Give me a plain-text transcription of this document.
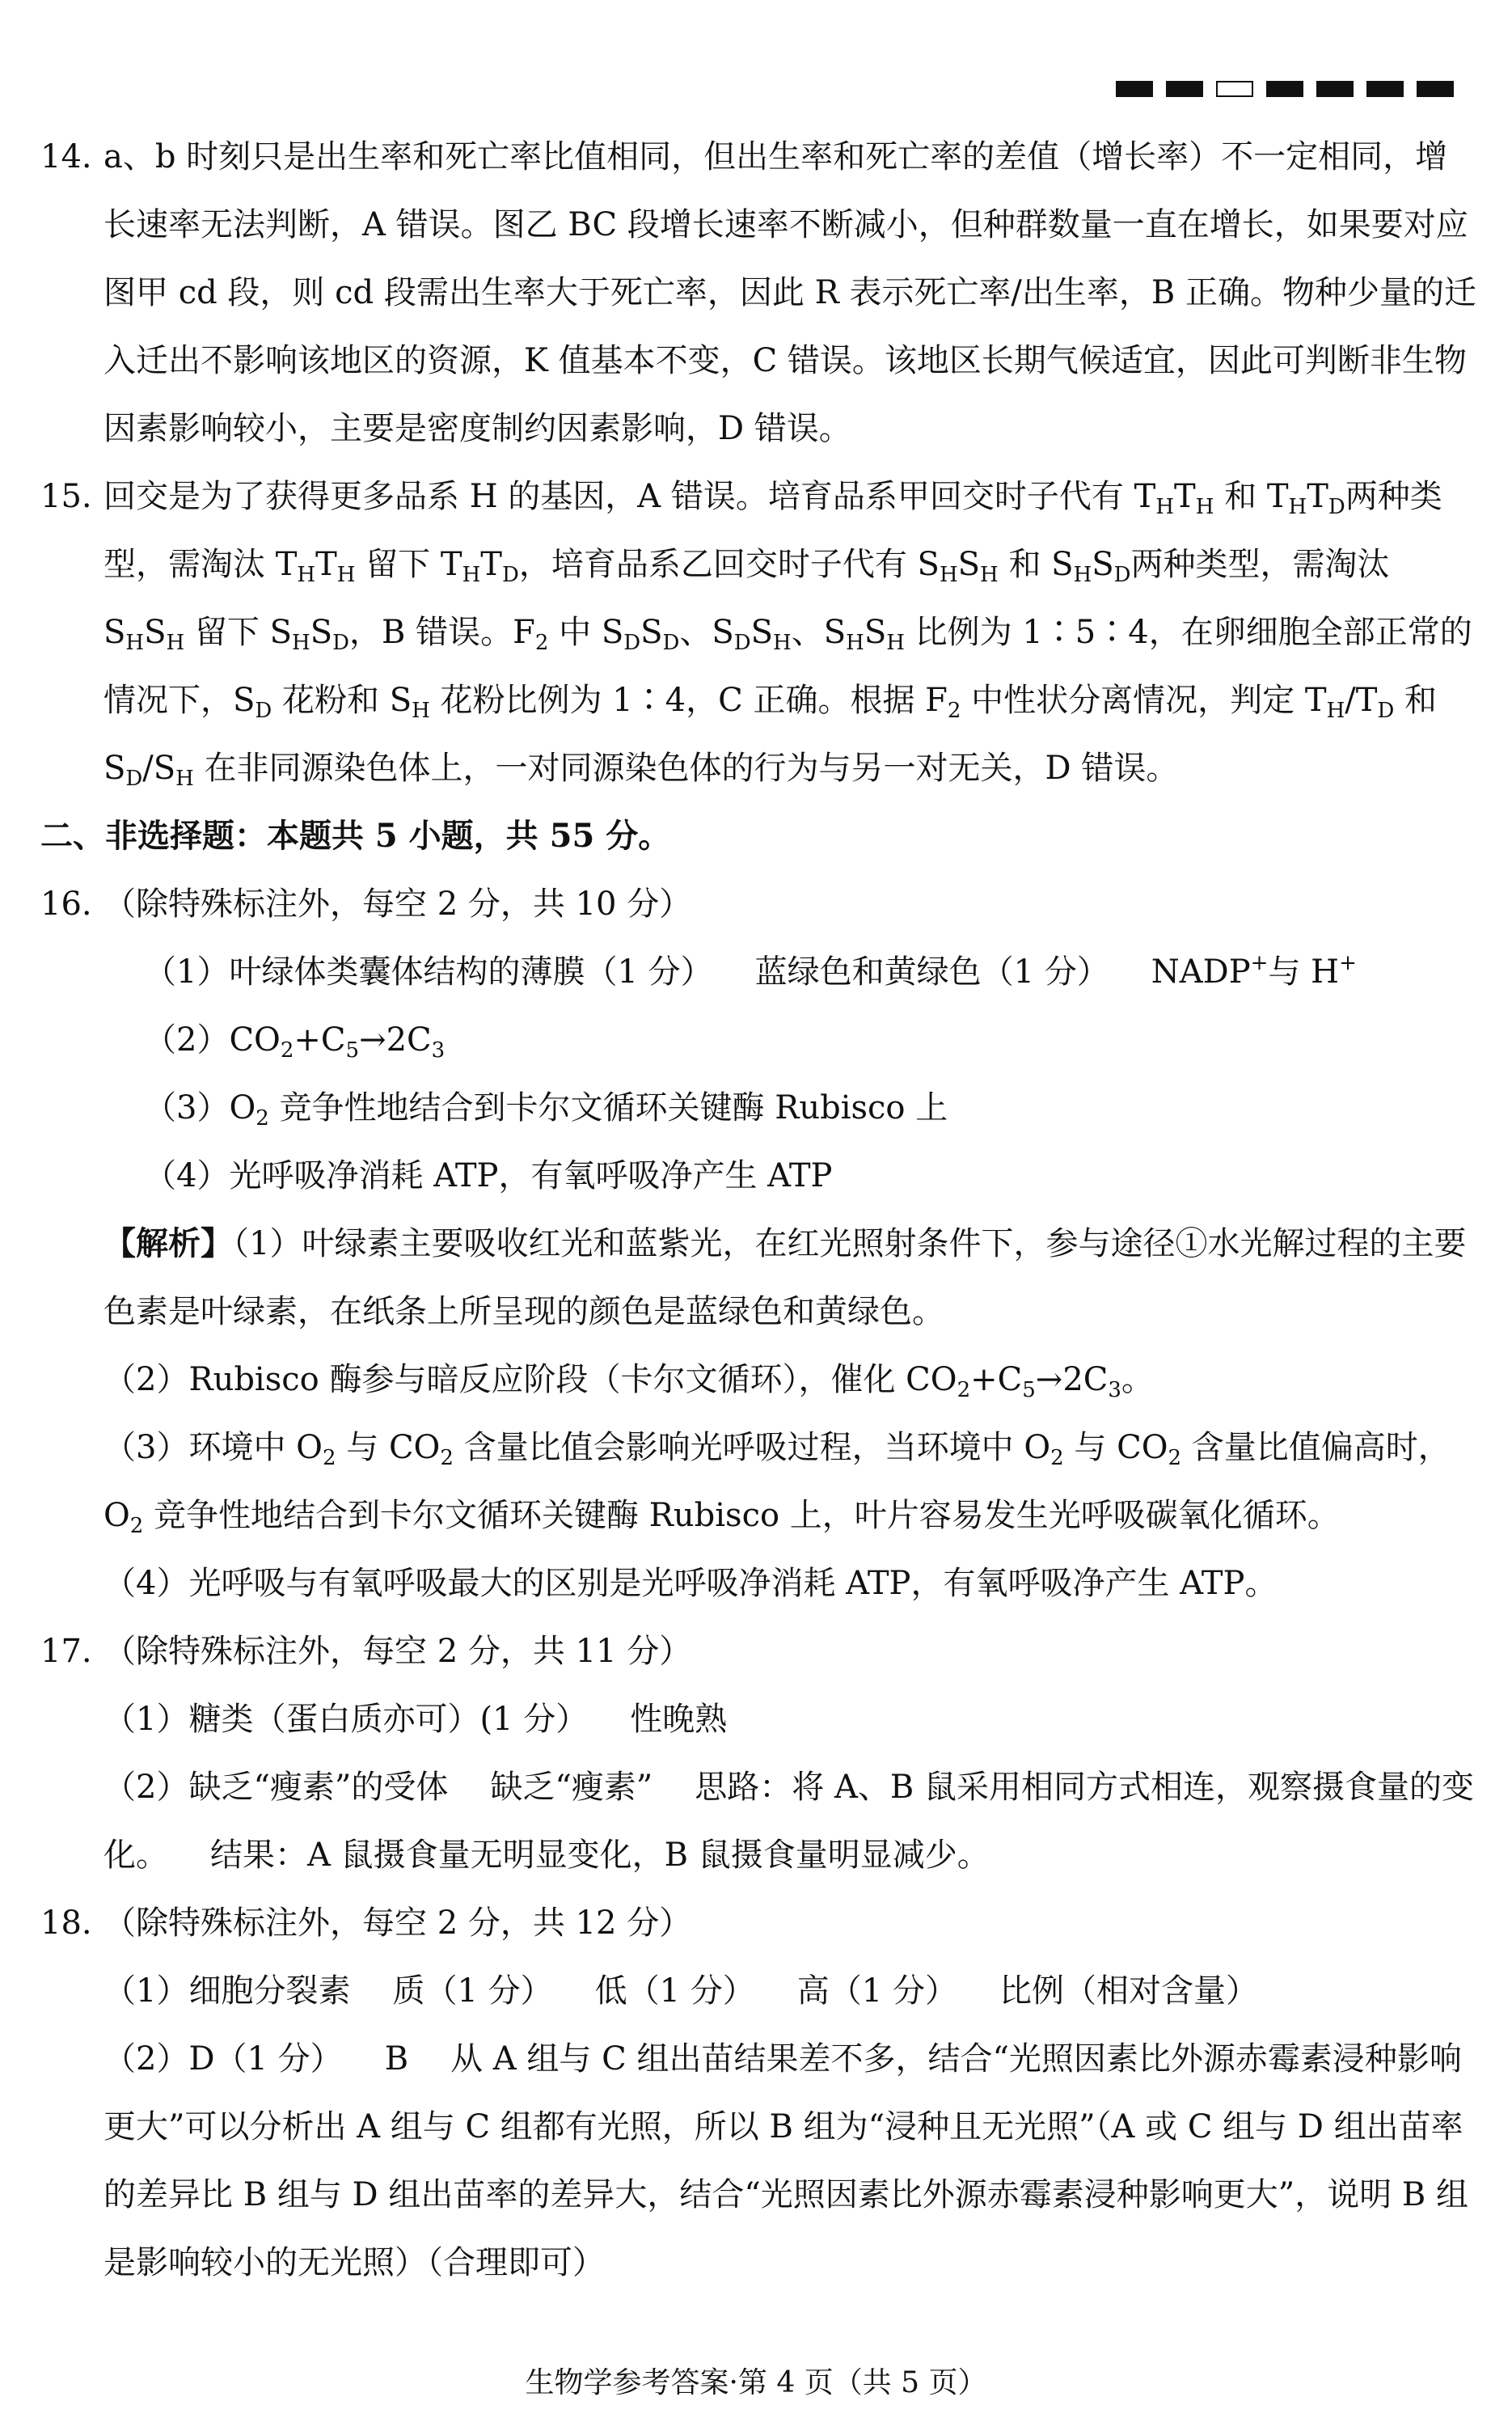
14. a、b 时刻只是出生率和死亡率比值相同，但出生率和死亡率的差值（增长率）不一定相同，增长速率无法判断，A 错误。图乙 BC 段增长速率不断减小，但种群数量一直在增长，如果要对应图甲 cd 段，则 cd 段需出生率大于死亡率，因此 R 表示死亡率/出生率，B 正确。物种少量的迁入迁出不影响该地区的资源，K 值基本不变，C 错误。该地区长期气候适宜，因此可判断非生物因素影响较小，主要是密度制约因素影响，D 错误。
15. 回交是为了获得更多品系 H 的基因，A 错误。培育品系甲回交时子代有 $T_HT_H$ 和 $T_HT_D$两种类型，需淘汰 $T_HT_H$ 留下 $T_HT_D$，培育品系乙回交时子代有 $S_HS_H$ 和 $S_HS_D$两种类型，需淘汰 $S_HS_H$ 留下 $S_HS_D$，B 错误。$F_2$ 中 $S_DS_D$、$S_DS_H$、$S_HS_H$ 比例为 1∶5∶4，在卵细胞全部正常的情况下，$S_D$ 花粉和 $S_H$ 花粉比例为 1∶4，C 正确。根据 $F_2$ 中性状分离情况，判定 $T_H/T_D$ 和 $S_D/S_H$ 在非同源染色体上，一对同源染色体的行为与另一对无关，D 错误。
二、非选择题：本题共 5 小题，共 55 分。
16. （除特殊标注外，每空 2 分，共 10 分）
（1）叶绿体类囊体结构的薄膜（1 分） 蓝绿色和黄绿色（1 分） NADP+与 H+
$(2)CO_2+C_5\to 2C_3$
$(3)O_2$ 竞争性地结合到卡尔文循环关键酶 Rubisco 上
（4）光呼吸净消耗 ATP，有氧呼吸净产生 ATP
【解析】（1）叶绿素主要吸收红光和蓝紫光，在红光照射条件下，参与途径①水光解过程的主要色素是叶绿素，在纸条上所呈现的颜色是蓝绿色和黄绿色。
（2）Rubisco 酶参与暗反应阶段（卡尔文循环），催化 $CO_2+C_5\to 2C_3$。
（3）环境中 $O_2$ 与 $CO_2$ 含量比值会影响光呼吸过程，当环境中 $O_2$ 与 $CO_2$ 含量比值偏高时，$O_2$ 竞争性地结合到卡尔文循环关键酶 Rubisco 上，叶片容易发生光呼吸碳氧化循环。
（4）光呼吸与有氧呼吸最大的区别是光呼吸净消耗 ATP，有氧呼吸净产生 ATP。
17. （除特殊标注外，每空 2 分，共 11 分）
（1）糖类（蛋白质亦可）(1 分） 性晚熟
（2）缺乏“瘦素”的受体 缺乏“瘦素” 思路：将 A、B 鼠采用相同方式相连，观察摄食量的变化。 结果：A 鼠摄食量无明显变化，B 鼠摄食量明显减少。
18. （除特殊标注外，每空 2 分，共 12 分）
（1）细胞分裂素 质（1 分） 低（1 分） 高（1 分） 比例（相对含量）
（2）D（1 分） B 从 A 组与 C 组出苗结果差不多，结合“光照因素比外源赤霉素浸种影响更大”可以分析出 A 组与 C 组都有光照，所以 B 组为“浸种且无光照”（A 或 C 组与 D 组出苗率的差异比 B 组与 D 组出苗率的差异大，结合“光照因素比外源赤霉素浸种影响更大”，说明 B 组是影响较小的无光照）（合理即可）
生物学参考答案·第 4 页（共 5 页）
